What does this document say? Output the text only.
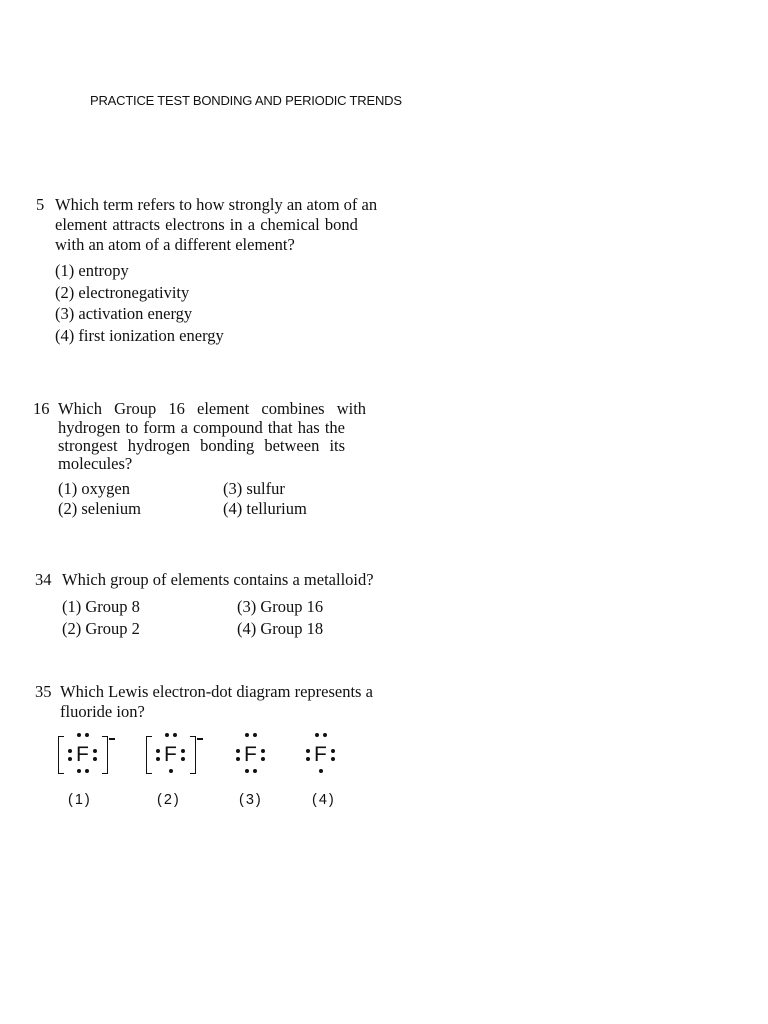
PRACTICE TEST BONDING AND PERIODIC TRENDS
5 Which term refers to how strongly an atom of an
element attracts electrons in a chemical bond
with an atom of a different element?
(1) entropy
(2) electronegativity
(3) activation energy
(4) first ionization energy
16 Which Group 16 element combines with
hydrogen to form a compound that has the
strongest hydrogen bonding between its
molecules?
(1) oxygen
(2) selenium
(3) sulfur
(4) tellurium
34 Which group of elements contains a metalloid?
(1) Group 8
(2) Group 2
(3) Group 16
(4) Group 18
35 Which Lewis electron-dot diagram represents a
fluoride ion?
F	F	F	F
(1)	(2)	(3)	(4)
